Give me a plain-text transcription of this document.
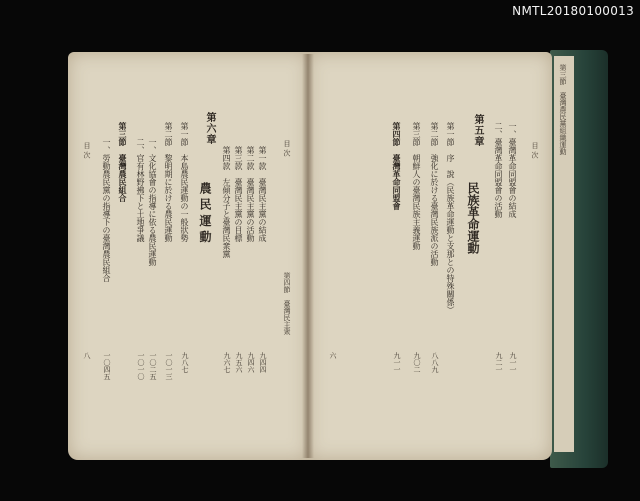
NMTL20180100013
第三節　臺灣農民黨組織運動
目 次
第四節　臺灣民主衆
第一款　臺灣民主黨の結成
九四四
第二款　臺灣民主黨の活動
九四六
第三款　臺灣民主黨の目標
九五六
第四款　左傾分子と臺灣民衆黨
九六七
第六章
農 民 運 動
第一節　本島農民運動の一般狀勢
九八七
第二節　黎明期に於ける農民運動
一〇一三
一、文化協會の指導に依る農民運動
一〇二五
二、官有林野拂下と土地爭議
一〇一〇
第三節　臺灣農民組合
一、勞動農民黨の指導下の臺灣農民組合
一〇四五
目 次
八
一、臺灣革命同盟會の結成
九一一
二、臺灣革命同盟會の活動
九二一
目 次
第五章
民族革命運動
第一節　序　說（民族革命運動と支那との特殊關係）
第二節　強化に於ける臺灣民族派の活動
八八九
第三節　朝鮮人の臺灣民族主義運動
九〇二
第四節　臺灣革命同盟會
九一一
六
